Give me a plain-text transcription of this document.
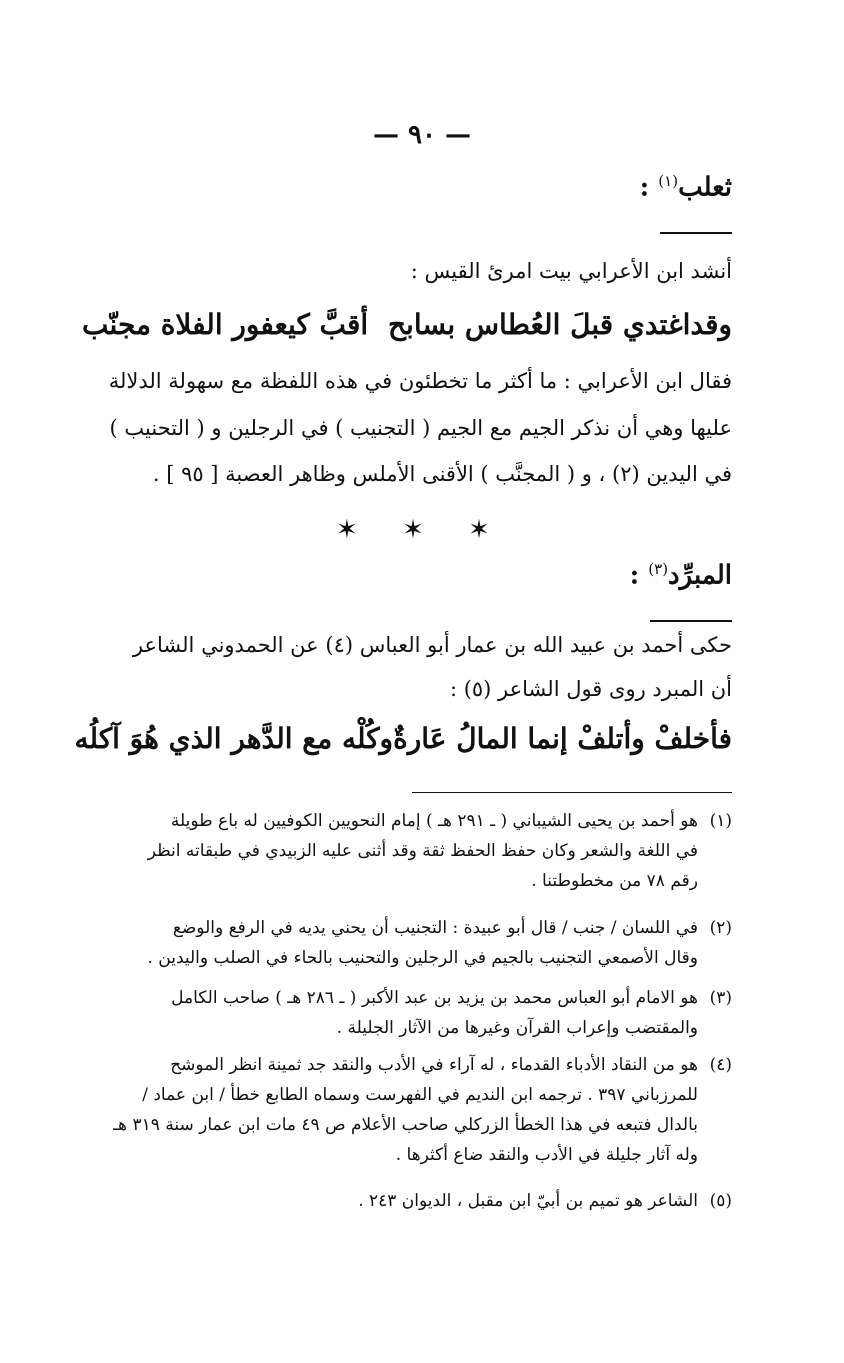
— ٩٠ —
ثعلب$^{(١)}$ :
أنشد ابن الأعرابي بيت امرئ القيس :
وقداغتدي قبلَ العُطاس بسابح
أقبَّ كيعفور الفلاة مجنّب
فقال ابن الأعرابي : ما أكثر ما تخطئون في هذه اللفظة مع سهولة الدلالة
عليها وهي أن نذكر الجيم مع الجيم ( التجنيب ) في الرجلين و ( التحنيب )
في اليدين (٢) ، و ( المجنَّب ) الأقنى الأملس وظاهر العصبة [ ٩٥ ] .
✶ ✶ ✶
المبرِّد$^{(٣)}$ :
حكى أحمد بن عبيد الله بن عمار أبو العباس (٤) عن الحمدوني الشاعر
أن المبرد روى قول الشاعر (٥) :
فأخلفْ وأتلفْ إنما المالُ عَارةٌ
وكُلْه مع الدَّهر الذي هُوَ آكلُه
(١)هو أحمد بن يحيى الشيباني ( ـ ٢٩١ هـ ) إمام النحويين الكوفيين له باع طويلة
في اللغة والشعر وكان حفظ الحفظ ثقة وقد أثنى عليه الزبيدي في طبقاته انظر
رقم ٧٨ من مخطوطتنا .
(٢)في اللسان / جنب / قال أبو عبيدة : التجنيب أن يحني يديه في الرفع والوضع
وقال الأصمعي التجنيب بالجيم في الرجلين والتحنيب بالحاء في الصلب واليدين .
(٣)هو الامام أبو العباس محمد بن يزيد بن عبد الأكبر ( ـ ٢٨٦ هـ ) صاحب الكامل
والمقتضب وإعراب القرآن وغيرها من الآثار الجليلة .
(٤)هو من النقاد الأدباء القدماء ، له آراء في الأدب والنقد جد ثمينة انظر الموشح
للمرزباني ٣٩٧ . ترجمه ابن النديم في الفهرست وسماه الطابع خطأ / ابن عماد /
بالدال فتبعه في هذا الخطأ الزركلي صاحب الأعلام ص ٤٩ مات ابن عمار سنة ٣١٩ هـ
وله آثار جليلة في الأدب والنقد ضاع أكثرها .
(٥)الشاعر هو تميم بن أبيّ ابن مقبل ، الديوان ٢٤٣ .
